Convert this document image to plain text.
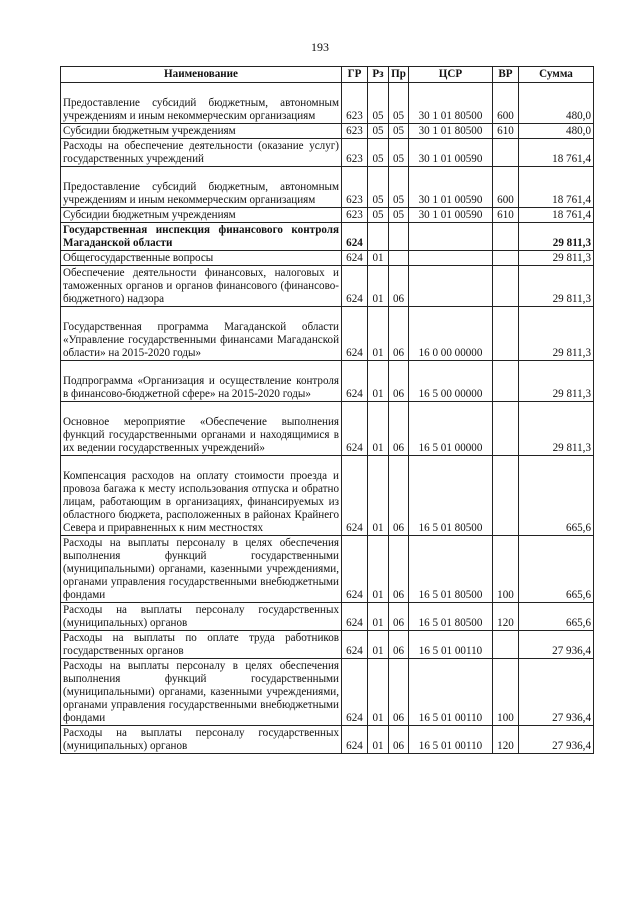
193
Наименование	ГР	Рз	Пр	ЦСР	ВР	Сумма
Предоставление субсидий бюджетным, автономным учреждениям и иным некоммерческим организациям	623	05	05	30 1 01 80500	600	480,0
Субсидии бюджетным учреждениям	623	05	05	30 1 01 80500	610	480,0
Расходы на обеспечение деятельности (оказание услуг) государственных учреждений	623	05	05	30 1 01 00590		18 761,4
Предоставление субсидий бюджетным, автономным учреждениям и иным некоммерческим организациям	623	05	05	30 1 01 00590	600	18 761,4
Субсидии бюджетным учреждениям	623	05	05	30 1 01 00590	610	18 761,4
Государственная инспекция финансового контроля Магаданской области	624					29 811,3
Общегосударственные вопросы	624	01				29 811,3
Обеспечение деятельности финансовых, налоговых и таможенных органов и органов финансового (финансово-бюджетного) надзора	624	01	06			29 811,3
Государственная программа Магаданской области «Управление государственными финансами Магаданской области» на 2015-2020 годы»	624	01	06	16 0 00 00000		29 811,3
Подпрограмма «Организация и осуществление контроля в финансово-бюджетной сфере» на 2015-2020 годы»	624	01	06	16 5 00 00000		29 811,3
Основное мероприятие «Обеспечение выполнения функций государственными органами и находящимися в их ведении государственных учреждений»	624	01	06	16 5 01 00000		29 811,3
Компенсация расходов на оплату стоимости проезда и провоза багажа к месту использования отпуска и обратно лицам, работающим в организациях, финансируемых из областного бюджета, расположенных в районах Крайнего Севера и приравненных к ним местностях	624	01	06	16 5 01 80500		665,6
Расходы на выплаты персоналу в целях обеспечения выполнения функций государственными (муниципальными) органами, казенными учреждениями, органами управления государственными внебюджетными фондами	624	01	06	16 5 01 80500	100	665,6
Расходы на выплаты персоналу государственных (муниципальных) органов	624	01	06	16 5 01 80500	120	665,6
Расходы на выплаты по оплате труда работников государственных органов	624	01	06	16 5 01 00110		27 936,4
Расходы на выплаты персоналу в целях обеспечения выполнения функций государственными (муниципальными) органами, казенными учреждениями, органами управления государственными внебюджетными фондами	624	01	06	16 5 01 00110	100	27 936,4
Расходы на выплаты персоналу государственных (муниципальных) органов	624	01	06	16 5 01 00110	120	27 936,4
